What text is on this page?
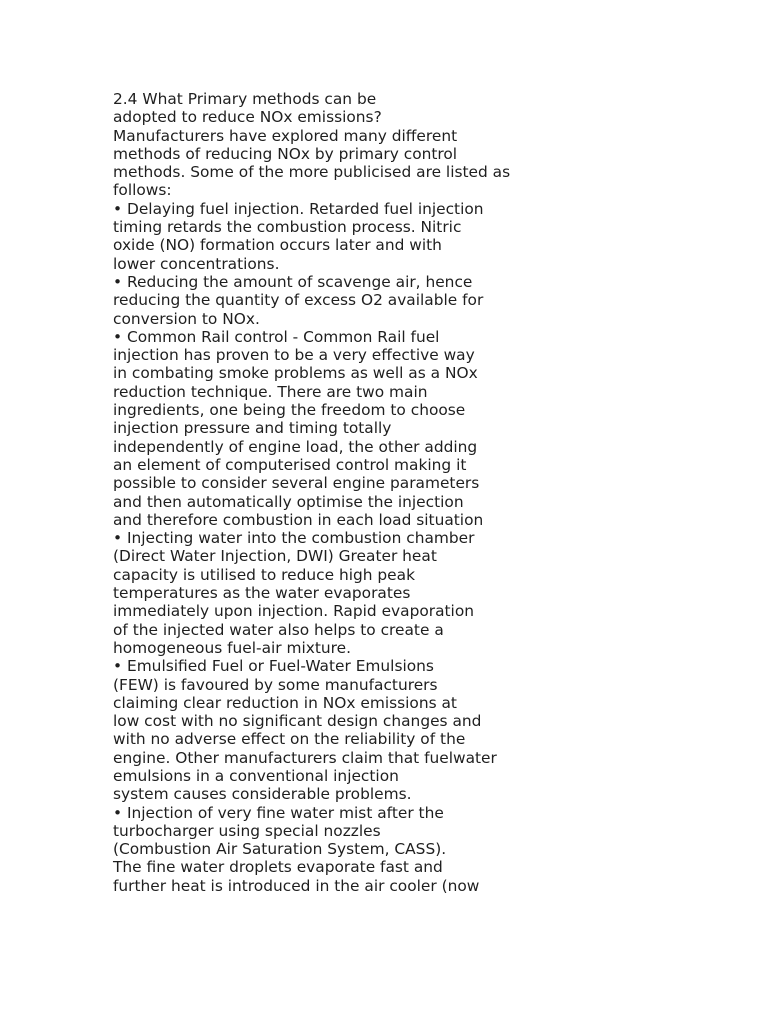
2.4 What Primary methods can be
adopted to reduce NOx emissions?
Manufacturers have explored many different
methods of reducing NOx by primary control
methods. Some of the more publicised are listed as
follows:
• Delaying fuel injection. Retarded fuel injection
timing retards the combustion process. Nitric
oxide (NO) formation occurs later and with
lower concentrations.
• Reducing the amount of scavenge air, hence
reducing the quantity of excess O2 available for
conversion to NOx.
• Common Rail control - Common Rail fuel
injection has proven to be a very effective way
in combating smoke problems as well as a NOx
reduction technique. There are two main
ingredients, one being the freedom to choose
injection pressure and timing totally
independently of engine load, the other adding
an element of computerised control making it
possible to consider several engine parameters
and then automatically optimise the injection
and therefore combustion in each load situation
• Injecting water into the combustion chamber
(Direct Water Injection, DWI) Greater heat
capacity is utilised to reduce high peak
temperatures as the water evaporates
immediately upon injection. Rapid evaporation
of the injected water also helps to create a
homogeneous fuel-air mixture.
• Emulsified Fuel or Fuel-Water Emulsions
(FEW) is favoured by some manufacturers
claiming clear reduction in NOx emissions at
low cost with no significant design changes and
with no adverse effect on the reliability of the
engine. Other manufacturers claim that fuelwater
emulsions in a conventional injection
system causes considerable problems.
• Injection of very fine water mist after the
turbocharger using special nozzles
(Combustion Air Saturation System, CASS).
The fine water droplets evaporate fast and
further heat is introduced in the air cooler (now
